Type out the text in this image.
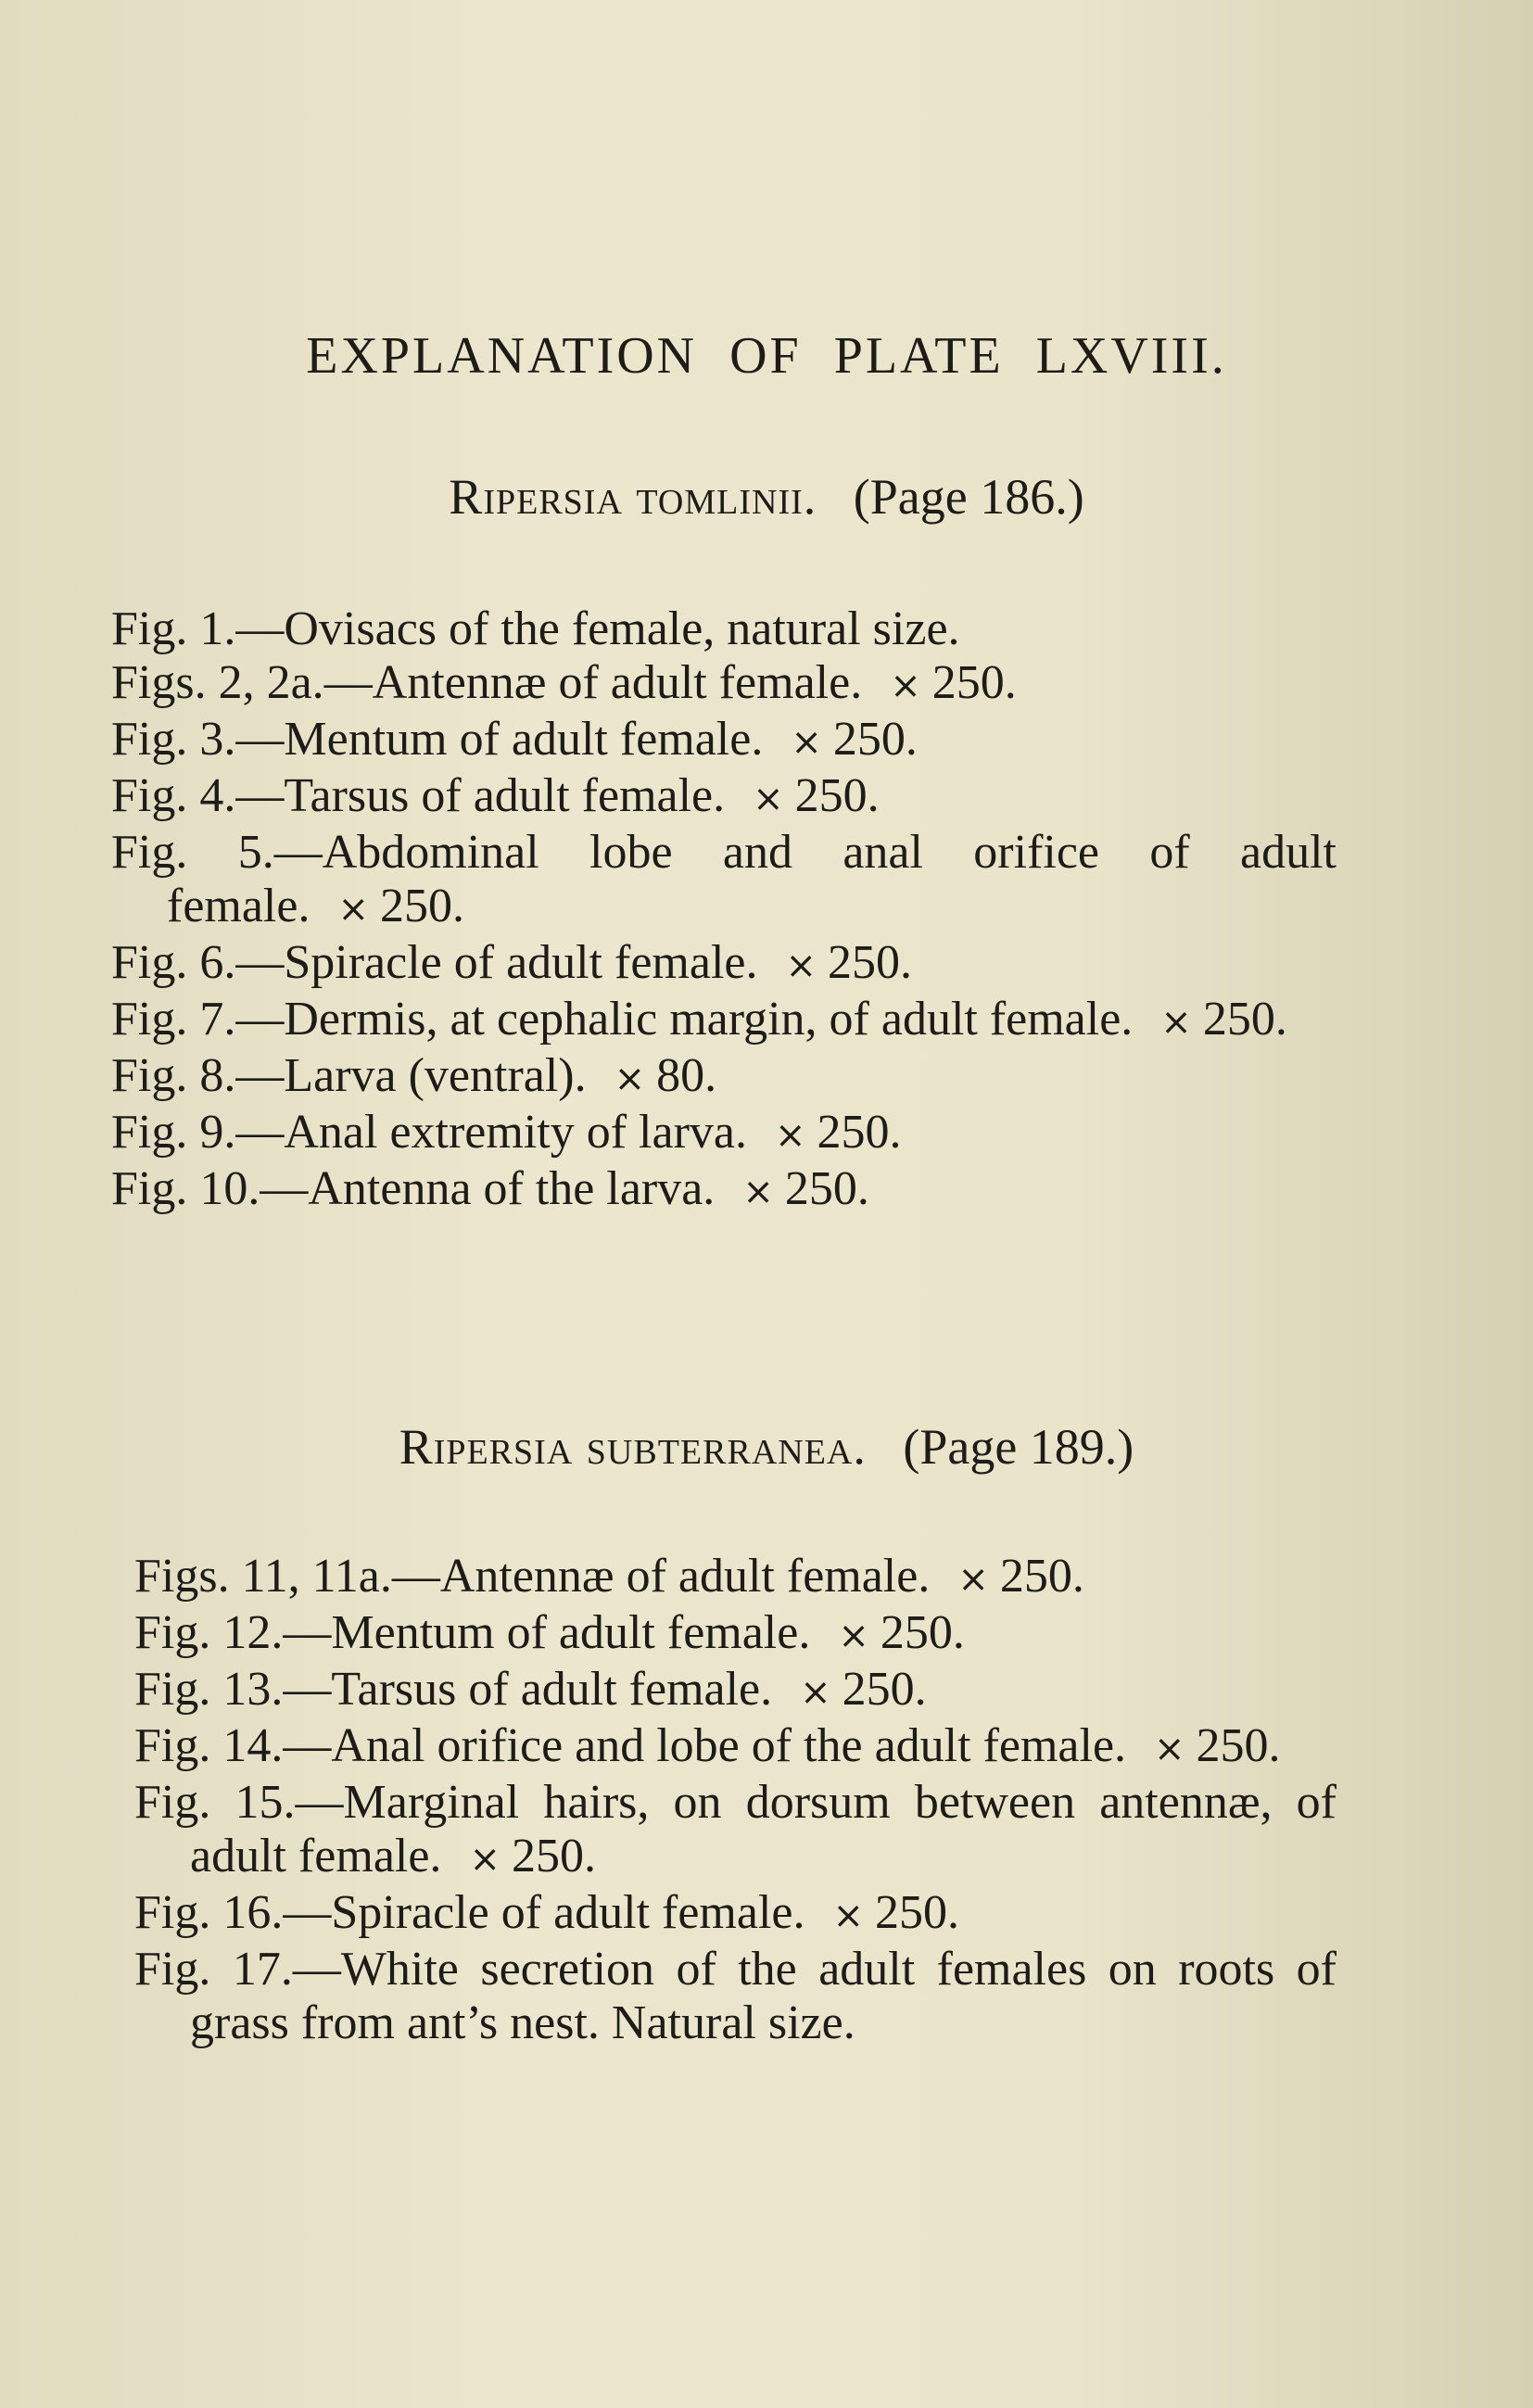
EXPLANATION OF PLATE LXVIII.
Ripersia tomlinii. (Page 186.)
Fig. 1.—Ovisacs of the female, natural size.
Figs. 2, 2a.—Antennæ of adult female. × 250.
Fig. 3.—Mentum of adult female. × 250.
Fig. 4.—Tarsus of adult female. × 250.
Fig. 5.—Abdominal lobe and anal orifice of adult female. × 250.
Fig. 6.—Spiracle of adult female. × 250.
Fig. 7.—Dermis, at cephalic margin, of adult female. × 250.
Fig. 8.—Larva (ventral). × 80.
Fig. 9.—Anal extremity of larva. × 250.
Fig. 10.—Antenna of the larva. × 250.
Ripersia subterranea. (Page 189.)
Figs. 11, 11a.—Antennæ of adult female. × 250.
Fig. 12.—Mentum of adult female. × 250.
Fig. 13.—Tarsus of adult female. × 250.
Fig. 14.—Anal orifice and lobe of the adult female. × 250.
Fig. 15.—Marginal hairs, on dorsum between antennæ, of adult female. × 250.
Fig. 16.—Spiracle of adult female. × 250.
Fig. 17.—White secretion of the adult females on roots of grass from ant’s nest. Natural size.
